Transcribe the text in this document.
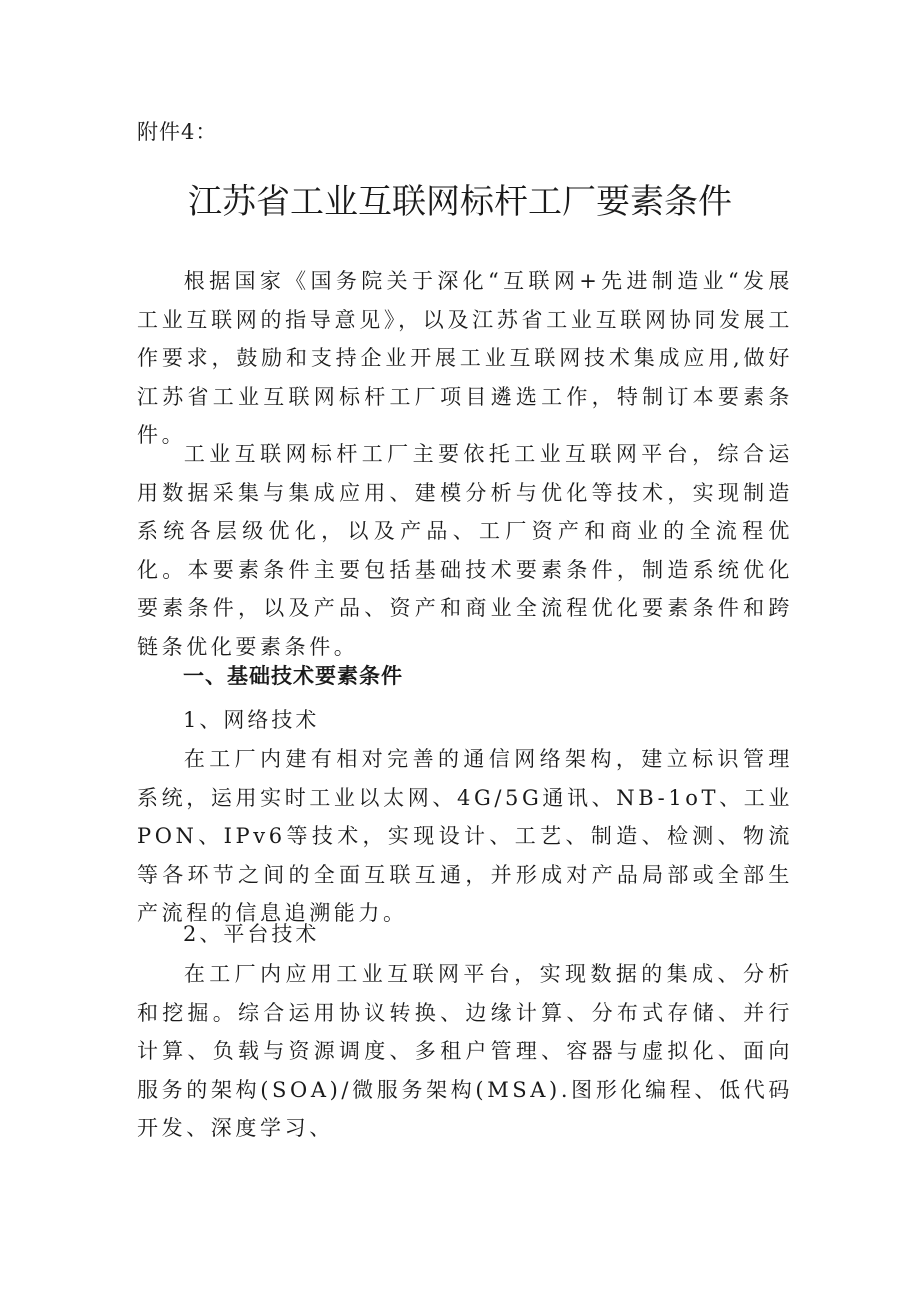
附件4：
江苏省工业互联网标杆工厂要素条件

根据国家《国务院关于深化“互联网+先进制造业“发展工业互联网的指导意见》，以及江苏省工业互联网协同发展工作要求，鼓励和支持企业开展工业互联网技术集成应用,做好江苏省工业互联网标杆工厂项目遴选工作，特制订本要素条件。

工业互联网标杆工厂主要依托工业互联网平台，综合运用数据采集与集成应用、建模分析与优化等技术，实现制造系统各层级优化，以及产品、工厂资产和商业的全流程优化。本要素条件主要包括基础技术要素条件，制造系统优化要素条件，以及产品、资产和商业全流程优化要素条件和跨链条优化要素条件。

一、基础技术要素条件
1、网络技术

在工厂内建有相对完善的通信网络架构，建立标识管理系统，运用实时工业以太网、4G/5G通讯、NB-1oT、工业PON、IPv6等技术，实现设计、工艺、制造、检测、物流等各环节之间的全面互联互通，并形成对产品局部或全部生产流程的信息追溯能力。

2、平台技术

在工厂内应用工业互联网平台，实现数据的集成、分析和挖掘。综合运用协议转换、边缘计算、分布式存储、并行计算、负载与资源调度、多租户管理、容器与虚拟化、面向服务的架构(SOA)/微服务架构(MSA).图形化编程、低代码开发、深度学习、
